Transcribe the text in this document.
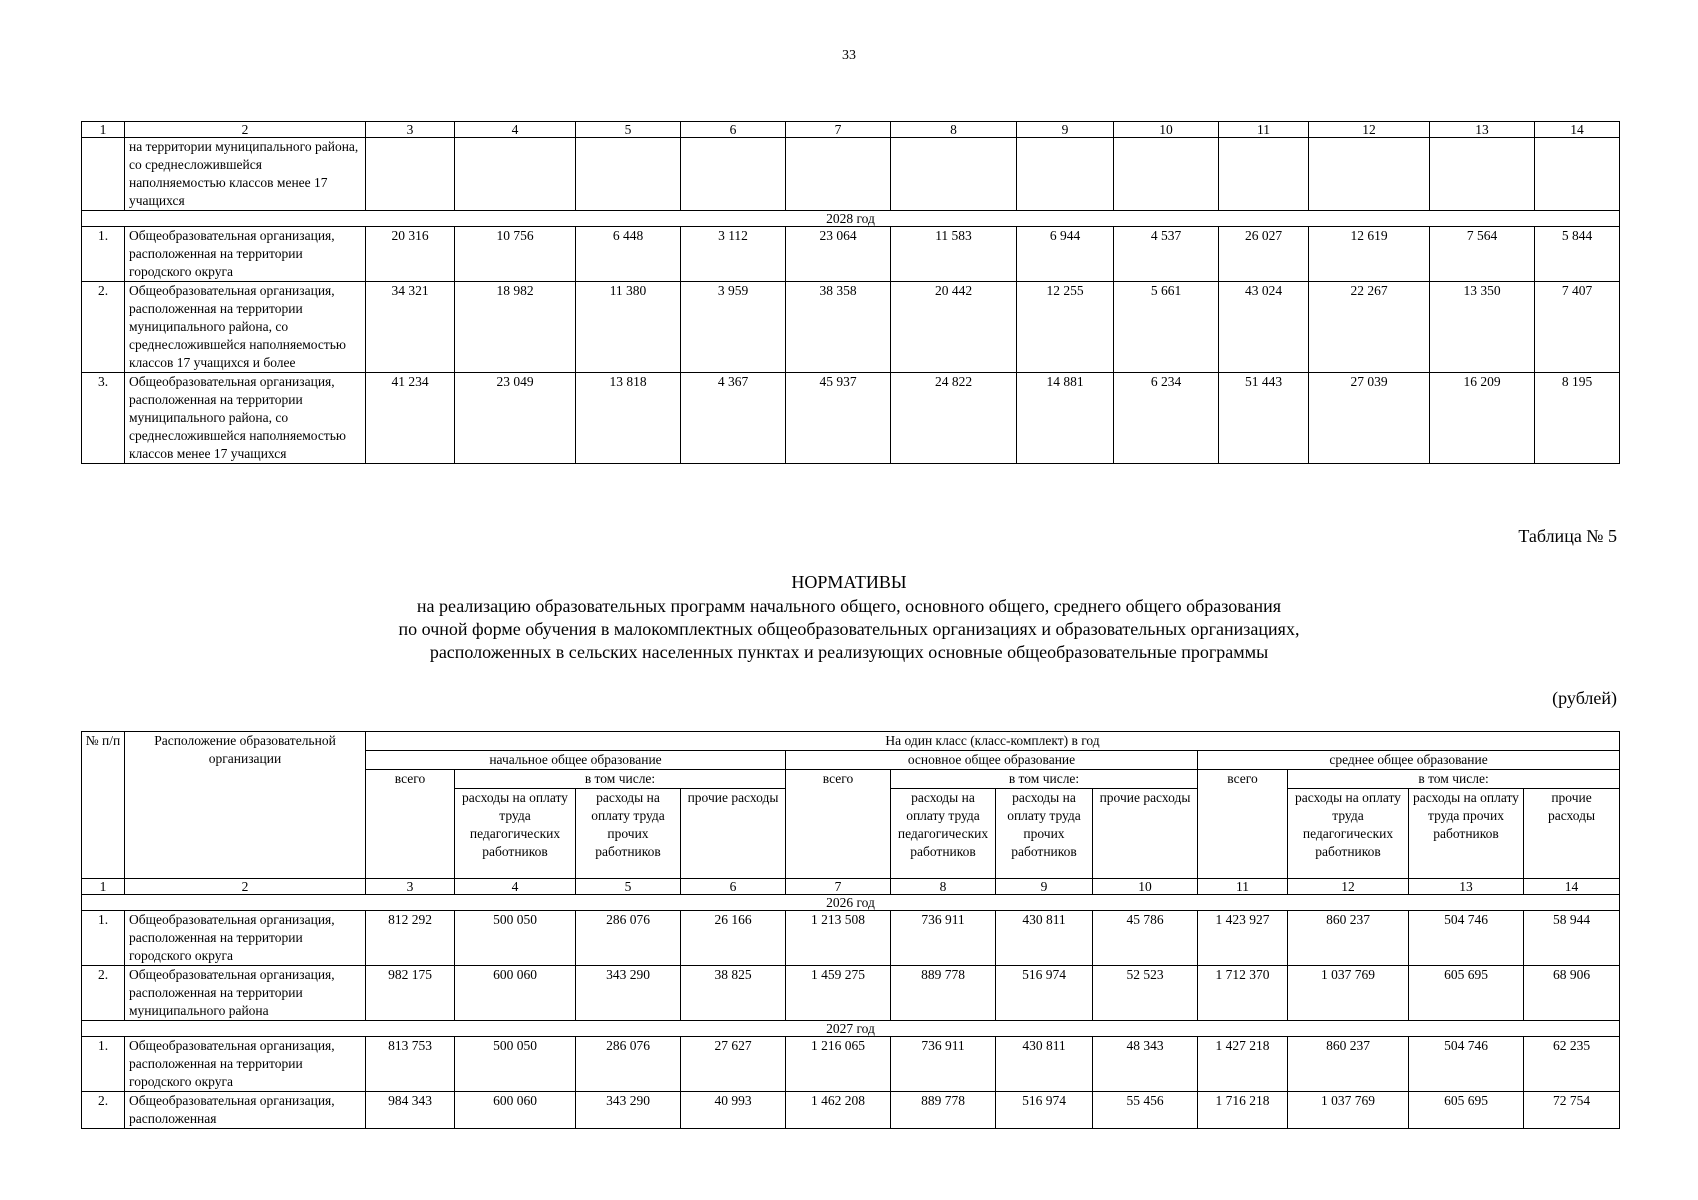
33
1	2	3	4	5	6	7	8	9	10	11	12	13	14
	на территории муниципального района, со среднесложившейся наполняемостью классов менее 17 учащихся												
2028 год													
1.	Общеобразовательная организация, расположенная на территории городского округа	20 316	10 756	6 448	3 112	23 064	11 583	6 944	4 537	26 027	12 619	7 564	5 844
2.	Общеобразовательная организация, расположенная на территории муниципального района, со среднесложившейся наполняемостью классов 17 учащихся и более	34 321	18 982	11 380	3 959	38 358	20 442	12 255	5 661	43 024	22 267	13 350	7 407
3.	Общеобразовательная организация, расположенная на территории муниципального района, со среднесложившейся наполняемостью классов менее 17 учащихся	41 234	23 049	13 818	4 367	45 937	24 822	14 881	6 234	51 443	27 039	16 209	8 195
Таблица № 5
НОРМАТИВЫ
на реализацию образовательных программ начального общего, основного общего, среднего общего образования
по очной форме обучения в малокомплектных общеобразовательных организациях и образовательных организациях,
расположенных в сельских населенных пунктах и реализующих основные общеобразовательные программы
(рублей)
№ п/п	Расположение образовательной организации	На один класс (класс-комплект) в год											
		начальное общее образование				основное общее образование				среднее общее образование			
		всего	в том числе:			всего	в том числе:			всего	в том числе:		
			расходы на оплату труда педагогических работников	расходы на оплату труда прочих работников	прочие расходы		расходы на оплату труда педагогических работников	расходы на оплату труда прочих работников	прочие расходы		расходы на оплату труда педагогических работников	расходы на оплату труда прочих работников	прочие расходы

1	2	3	4	5	6	7	8	9	10	11	12	13	14
2026 год													
1.	Общеобразовательная организация, расположенная на территории городского округа	812 292	500 050	286 076	26 166	1 213 508	736 911	430 811	45 786	1 423 927	860 237	504 746	58 944
2.	Общеобразовательная организация, расположенная на территории муниципального района	982 175	600 060	343 290	38 825	1 459 275	889 778	516 974	52 523	1 712 370	1 037 769	605 695	68 906
2027 год													
1.	Общеобразовательная организация, расположенная на территории городского округа	813 753	500 050	286 076	27 627	1 216 065	736 911	430 811	48 343	1 427 218	860 237	504 746	62 235
2.	Общеобразовательная организация, расположенная	984 343	600 060	343 290	40 993	1 462 208	889 778	516 974	55 456	1 716 218	1 037 769	605 695	72 754
